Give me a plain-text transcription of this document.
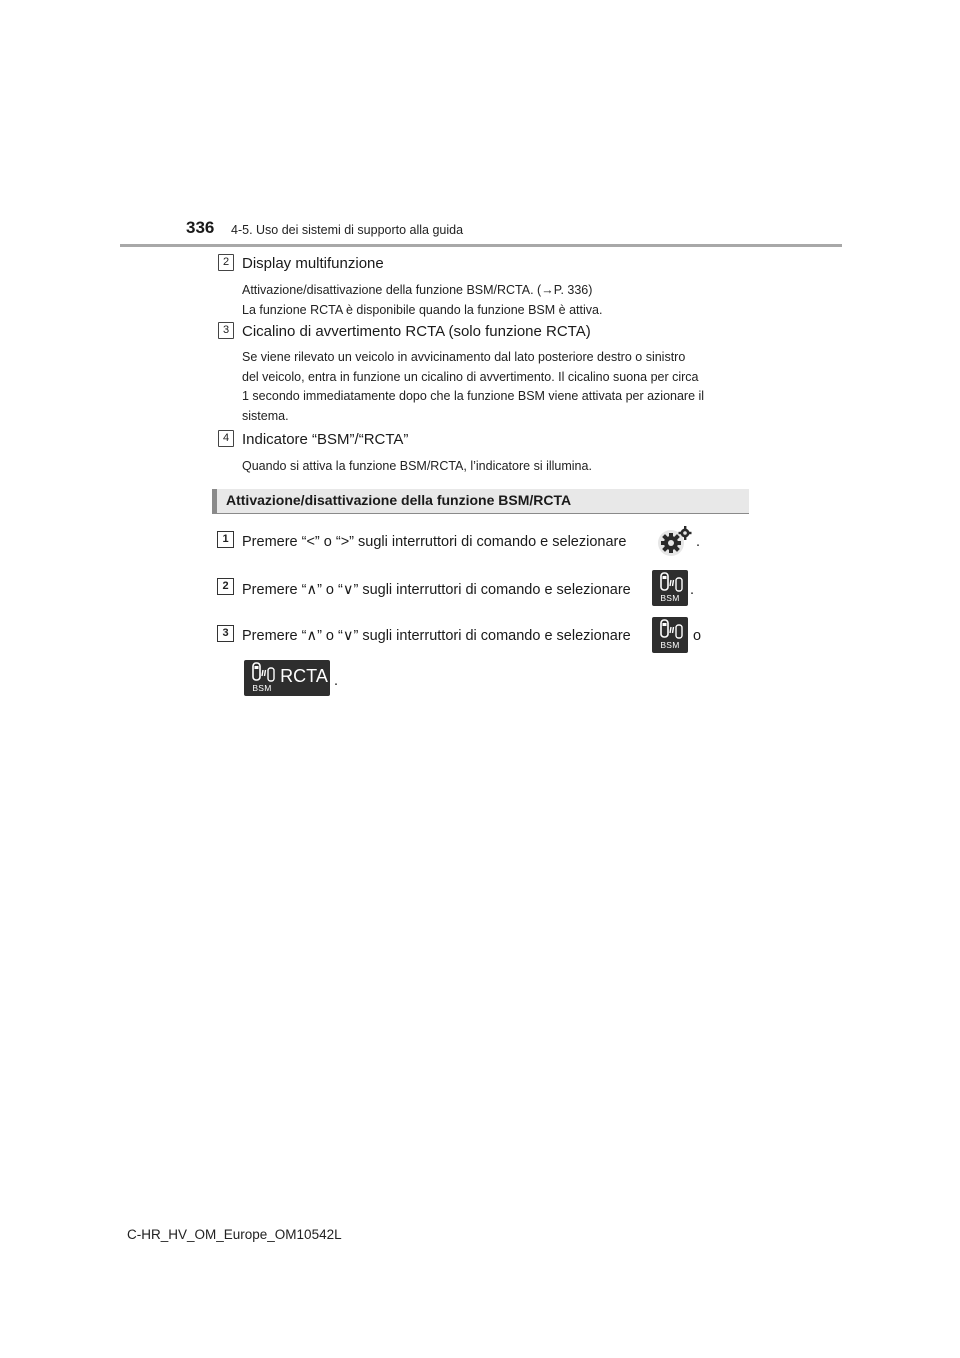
336 4-5. Uso dei sistemi di supporto alla guida
2 Display multifunzione
Attivazione/disattivazione della funzione BSM/RCTA. (→P. 336)
La funzione RCTA è disponibile quando la funzione BSM è attiva.
3 Cicalino di avvertimento RCTA (solo funzione RCTA)
Se viene rilevato un veicolo in avvicinamento dal lato posteriore destro o sinistro
del veicolo, entra in funzione un cicalino di avvertimento. Il cicalino suona per circa
1 secondo immediatamente dopo che la funzione BSM viene attivata per azionare il
sistema.
4 Indicatore “BSM”/“RCTA”
Quando si attiva la funzione BSM/RCTA, l’indicatore si illumina.
Attivazione/disattivazione della funzione BSM/RCTA
1 Premere “<” o “>” sugli interruttori di comando e selezionare	.
2 Premere “∧” o “∨” sugli interruttori di comando e selezionare	BSM .
3 Premere “∧” o “∨” sugli interruttori di comando e selezionare
BSM
o
BSM
RCTA .
C-HR_HV_OM_Europe_OM10542L
